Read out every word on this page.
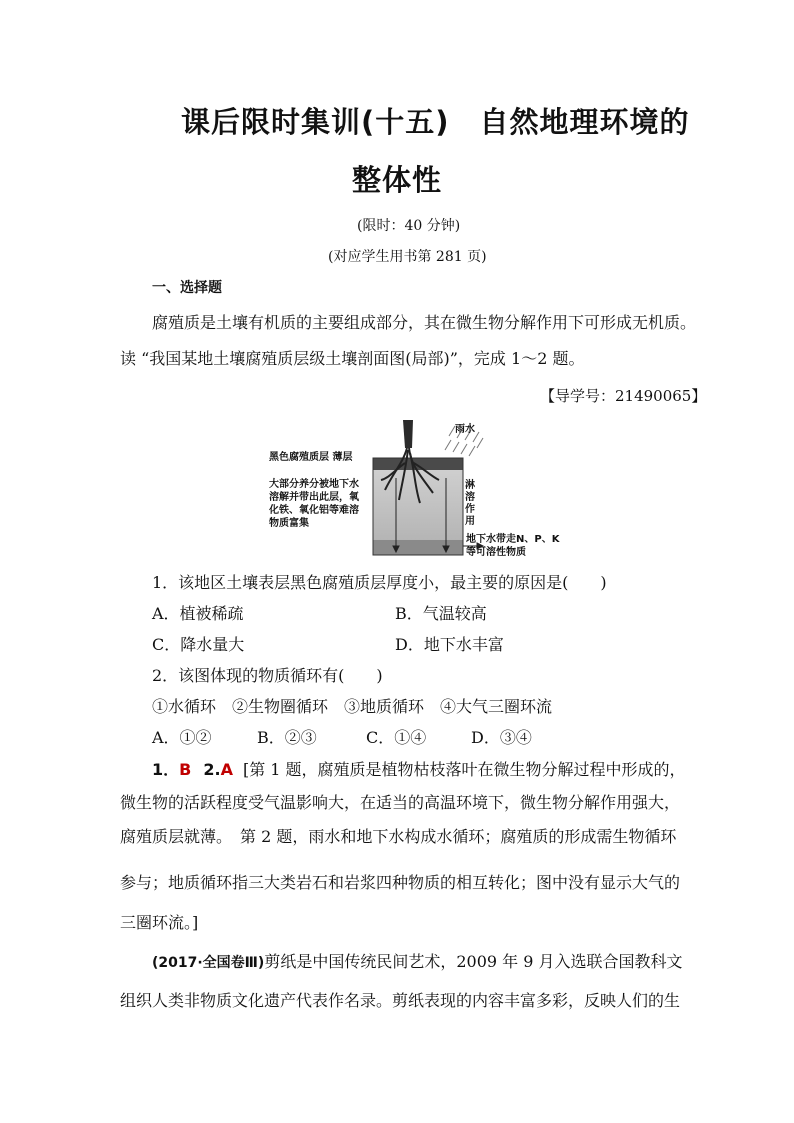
课后限时集训(十五) 自然地理环境的
整体性
(限时：40 分钟)
(对应学生用书第 281 页)
一、选择题
腐殖质是土壤有机质的主要组成部分，其在微生物分解作用下可形成无机质。
读 “我国某地土壤腐殖质层级土壤剖面图(局部)”，完成 1～2 题。
【导学号：21490065】
雨水
黑色腐殖质层 薄层
大部分养分被地下水
溶解并带出此层，氧
化铁、氧化铝等难溶
物质富集
淋
溶
作
用
地下水带走N、P、K
等可溶性物质
1．该地区土壤表层黑色腐殖质层厚度小，最主要的原因是(　　)
A．植被稀疏	B．气温较高
C．降水量大	D．地下水丰富
2．该图体现的物质循环有(　　)
①水循环　②生物圈循环　③地质循环　④大气三圈环流
A．①②	B．②③	C．①④	D．③④
1．B 2.A [第 1 题，腐殖质是植物枯枝落叶在微生物分解过程中形成的，
微生物的活跃程度受气温影响大，在适当的高温环境下，微生物分解作用强大，
腐殖质层就薄。　第 2 题，雨水和地下水构成水循环；腐殖质的形成需生物循环
参与；地质循环指三大类岩石和岩浆四种物质的相互转化；图中没有显示大气的
三圈环流。]
(2017·全国卷Ⅲ)剪纸是中国传统民间艺术，2009 年 9 月入选联合国教科文
组织人类非物质文化遗产代表作名录。剪纸表现的内容丰富多彩，反映人们的生
